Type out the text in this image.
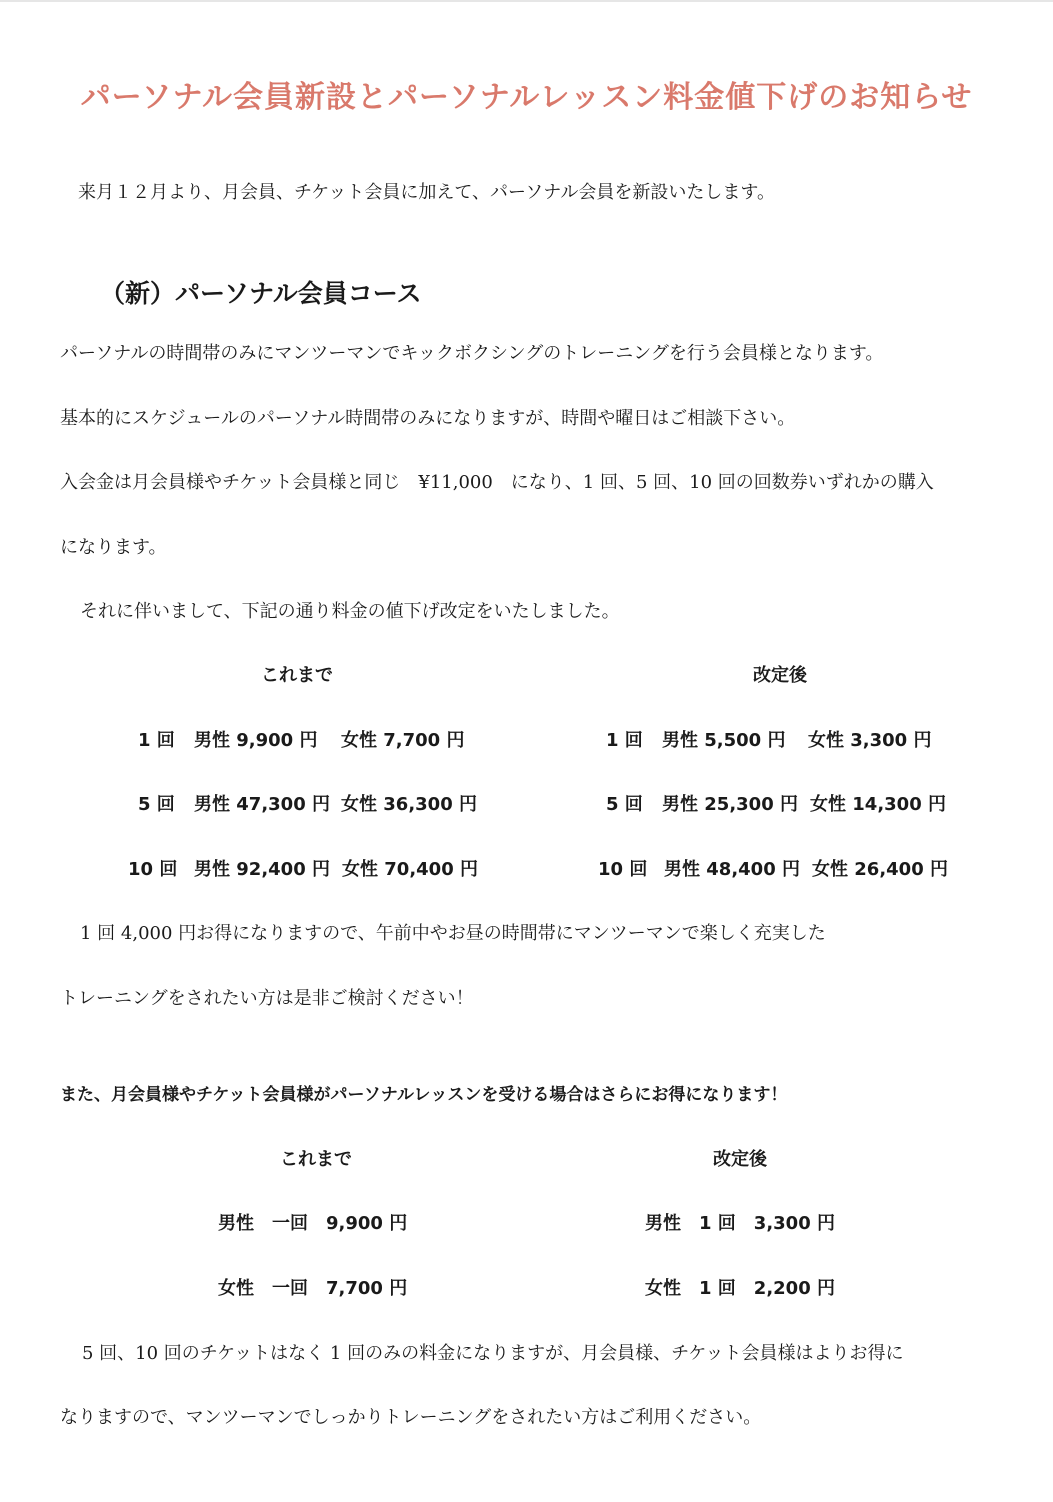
パーソナル会員新設とパーソナルレッスン料金値下げのお知らせ
来月１２月より、月会員、チケット会員に加えて、パーソナル会員を新設いたします。
（新）パーソナル会員コース
パーソナルの時間帯のみにマンツーマンでキックボクシングのトレーニングを行う会員様となります。
基本的にスケジュールのパーソナル時間帯のみになりますが、時間や曜日はご相談下さい。
入会金は月会員様やチケット会員様と同じ　¥11,000　になり、1 回、5 回、10 回の回数券いずれかの購入
になります。
それに伴いまして、下記の通り料金の値下げ改定をいたしました。
これまで	改定後
1 回 男性 9,900 円 女性 7,700 円	1 回 男性 5,500 円 女性 3,300 円
5 回 男性 47,300 円 女性 36,300 円	5 回 男性 25,300 円 女性 14,300 円
10 回 男性 92,400 円 女性 70,400 円	10 回 男性 48,400 円 女性 26,400 円
1 回 4,000 円お得になりますので、午前中やお昼の時間帯にマンツーマンで楽しく充実した
トレーニングをされたい方は是非ご検討ください！
また、月会員様やチケット会員様がパーソナルレッスンを受ける場合はさらにお得になります！
これまで	改定後
男性　一回　9,900 円	男性　1 回　3,300 円
女性　一回　7,700 円	女性　1 回　2,200 円
5 回、10 回のチケットはなく 1 回のみの料金になりますが、月会員様、チケット会員様はよりお得に
なりますので、マンツーマンでしっかりトレーニングをされたい方はご利用ください。
